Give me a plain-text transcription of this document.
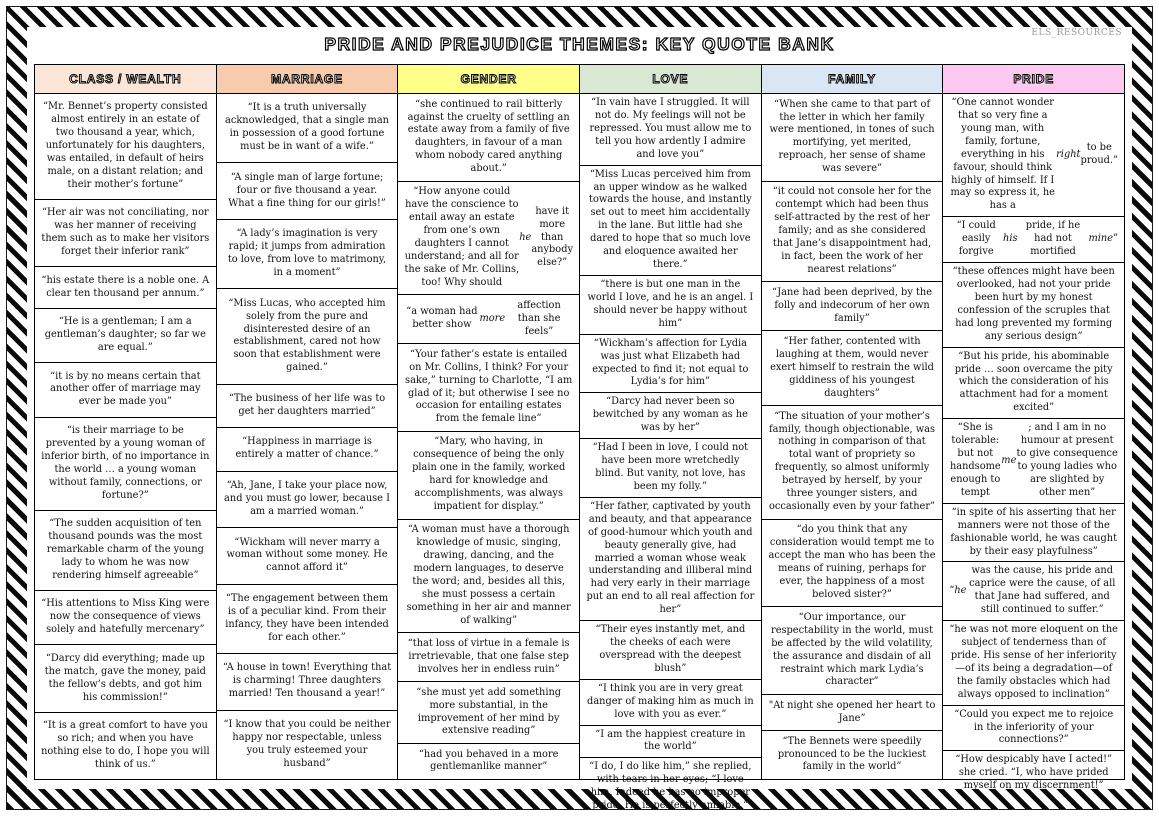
ELS_RESOURCES
PRIDE AND PREJUDICE THEMES: KEY QUOTE BANK
CLASS / WEALTH
“Mr. Bennet’s property consisted almost entirely in an estate of two thousand a year, which, unfortunately for his daughters, was entailed, in default of heirs male, on a distant relation; and their mother’s fortune”
“Her air was not conciliating, nor was her manner of receiving them such as to make her visitors forget their inferior rank”
“his estate there is a noble one. A clear ten thousand per annum.”
“He is a gentleman; I am a gentleman’s daughter; so far we are equal.”
“it is by no means certain that another offer of marriage may ever be made you”
“is their marriage to be prevented by a young woman of inferior birth, of no importance in the world … a young woman without family, connections, or fortune?”
“The sudden acquisition of ten thousand pounds was the most remarkable charm of the young lady to whom he was now rendering himself agreeable”
“His attentions to Miss King were now the consequence of views solely and hatefully mercenary”
“Darcy did everything; made up the match, gave the money, paid the fellow’s debts, and got him his commission!”
“It is a great comfort to have you so rich; and when you have nothing else to do, I hope you will think of us.”
MARRIAGE
“It is a truth universally acknowledged, that a single man in possession of a good fortune must be in want of a wife.”
“A single man of large fortune; four or five thousand a year. What a fine thing for our girls!”
“A lady’s imagination is very rapid; it jumps from admiration to love, from love to matrimony, in a moment”
“Miss Lucas, who accepted him solely from the pure and disinterested desire of an establishment, cared not how soon that establishment were gained.”
“The business of her life was to get her daughters married”
“Happiness in marriage is entirely a matter of chance.”
“Ah, Jane, I take your place now, and you must go lower, because I am a married woman.”
“Wickham will never marry a woman without some money. He cannot afford it”
“The engagement between them is of a peculiar kind. From their infancy, they have been intended for each other.”
“A house in town! Everything that is charming! Three daughters married! Ten thousand a year!”
“I know that you could be neither happy nor respectable, unless you truly esteemed your husband”
GENDER
“she continued to rail bitterly against the cruelty of settling an estate away from a family of five daughters, in favour of a man whom nobody cared anything about.”
“How anyone could have the conscience to entail away an estate from one’s own daughters I cannot understand; and all for the sake of Mr. Collins, too! Why should
he
have it more than anybody else?”
“a woman had better show
more
affection than she feels”
“Your father’s estate is entailed on Mr. Collins, I think? For your sake,” turning to Charlotte, “I am glad of it; but otherwise I see no occasion for entailing estates from the female line”
“Mary, who having, in consequence of being the only plain one in the family, worked hard for knowledge and accomplishments, was always impatient for display.”
“A woman must have a thorough knowledge of music, singing, drawing, dancing, and the modern languages, to deserve the word; and, besides all this, she must possess a certain something in her air and manner of walking”
“that loss of virtue in a female is irretrievable, that one false step involves her in endless ruin”
“she must yet add something more substantial, in the improvement of her mind by extensive reading”
“had you behaved in a more gentlemanlike manner”
LOVE
“In vain have I struggled. It will not do. My feelings will not be repressed. You must allow me to tell you how ardently I admire and love you”
“Miss Lucas perceived him from an upper window as he walked towards the house, and instantly set out to meet him accidentally in the lane. But little had she dared to hope that so much love and eloquence awaited her there.”
“there is but one man in the world I love, and he is an angel. I should never be happy without him”
“Wickham’s affection for Lydia was just what Elizabeth had expected to find it; not equal to Lydia’s for him”
“Darcy had never been so bewitched by any woman as he was by her”
“Had I been in love, I could not have been more wretchedly blind. But vanity, not love, has been my folly.”
“Her father, captivated by youth and beauty, and that appearance of good-humour which youth and beauty generally give, had married a woman whose weak understanding and illiberal mind had very early in their marriage put an end to all real affection for her”
“Their eyes instantly met, and the cheeks of each were overspread with the deepest blush”
“I think you are in very great danger of making him as much in love with you as ever.”
“I am the happiest creature in the world”
“I do, I do like him,” she replied, with tears in her eyes; “I love him. Indeed he has no improper pride. He is perfectly amiable.”
FAMILY
“When she came to that part of the letter in which her family were mentioned, in tones of such mortifying, yet merited, reproach, her sense of shame was severe”
“it could not console her for the contempt which had been thus self-attracted by the rest of her family; and as she considered that Jane’s disappointment had, in fact, been the work of her nearest relations”
“Jane had been deprived, by the folly and indecorum of her own family”
“Her father, contented with laughing at them, would never exert himself to restrain the wild giddiness of his youngest daughters”
“The situation of your mother’s family, though objectionable, was nothing in comparison of that total want of propriety so frequently, so almost uniformly betrayed by herself, by your three younger sisters, and occasionally even by your father”
“do you think that any consideration would tempt me to accept the man who has been the means of ruining, perhaps for ever, the happiness of a most beloved sister?”
“Our importance, our respectability in the world, must be affected by the wild volatility, the assurance and disdain of all restraint which mark Lydia’s character”
"At night she opened her heart to Jane”
“The Bennets were speedily pronounced to be the luckiest family in the world”
PRIDE
“One cannot wonder that so very fine a young man, with family, fortune, everything in his favour, should think highly of himself. If I may so express it, he has a
right
to be proud.”
“I could easily forgive
his
pride, if he had not mortified
mine ”
“these offences might have been overlooked, had not your pride been hurt by my honest confession of the scruples that had long prevented my forming any serious design”
“But his pride, his abominable pride … soon overcame the pity which the consideration of his attachment had for a moment excited”
“She is tolerable: but not handsome enough to tempt
me
; and I am in no humour at present to give consequence to young ladies who are slighted by other men”
“in spite of his asserting that her manners were not those of the fashionable world, he was caught by their easy playfulness”
“ he
was the cause, his pride and caprice were the cause, of all that Jane had suffered, and still continued to suffer.”
“he was not more eloquent on the subject of tenderness than of pride. His sense of her inferiority—of its being a degradation—of the family obstacles which had always opposed to inclination”
“Could you expect me to rejoice in the inferiority of your connections?”
“How despicably have I acted!” she cried. “I, who have prided myself on my discernment!”
